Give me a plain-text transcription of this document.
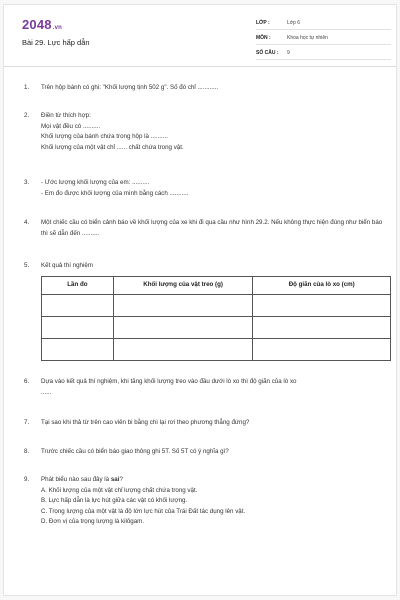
2048.vn
Bài 29. Lực hấp dẫn
LỚP :	Lớp 6
MÔN :	Khoa học tự nhiên
SỐ CÂU :	9
1.	Trên hộp bánh có ghi: "Khối lượng tịnh 502 g". Số đó chỉ ............
2.	Điền từ thích hợp:
Mọi vật đều có ..........
Khối lượng của bánh chứa trong hộp là ..........
Khối lượng của một vật chỉ ...... chất chứa trong vật.
3.	- Ước lượng khối lượng của em: ..........
- Em đo được khối lượng của mình bằng cách ...........
4.	Một chiếc cầu có biển cảnh báo về khối lượng của xe khi đi qua cầu như hình 29.2. Nếu không thực hiện đúng như biển báo thì sẽ dẫn đến ..........
5.	Kết quả thí nghiệm
Lần đo	Khối lượng của vật treo (g)	Độ giãn của lò xo (cm)

6.	Dựa vào kết quả thí nghiệm, khi tăng khối lượng treo vào đầu dưới lò xo thì độ giãn của lò xo
......
7.	Tại sao khi thả từ trên cao viên bi bằng chì lại rơi theo phương thẳng đứng?
8.	Trước chiếc cầu có biển báo giao thông ghi 5T. Số 5T có ý nghĩa gì?
9.	Phát biểu nào sau đây là sai?
A. Khối lượng của một vật chỉ lượng chất chứa trong vật.
B. Lực hấp dẫn là lực hút giữa các vật có khối lượng.
C. Trọng lượng của một vật là độ lớn lực hút của Trái Đất tác dụng lên vật.
D. Đơn vị của trọng lượng là kilôgam.
